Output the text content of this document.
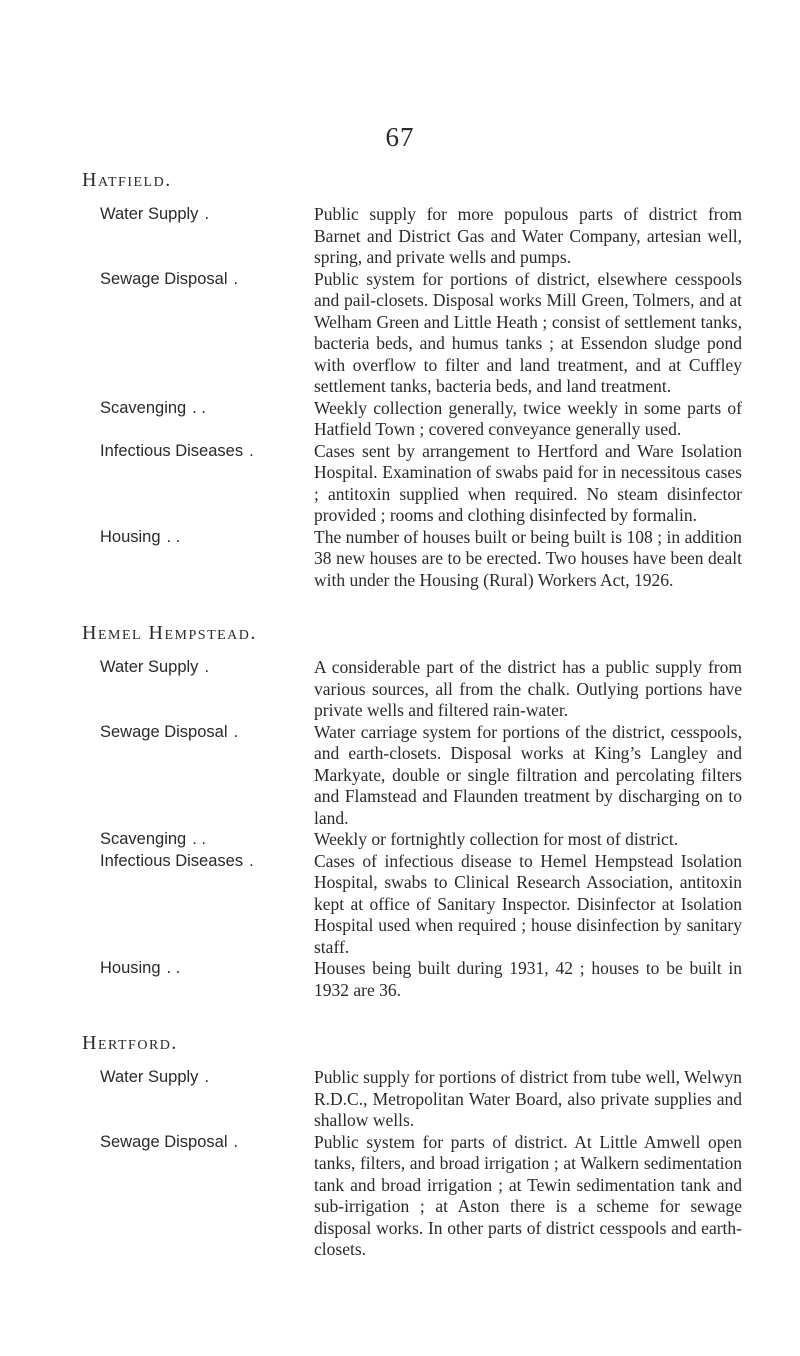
67
Hatfield.
Water Supply .	Public supply for more populous parts of district from Barnet and District Gas and Water Company, artesian well, spring, and private wells and pumps.
Sewage Disposal .	Public system for portions of district, elsewhere cesspools and pail-closets. Disposal works Mill Green, Tolmers, and at Welham Green and Little Heath ; consist of settlement tanks, bacteria beds, and humus tanks ; at Essendon sludge pond with overflow to filter and land treatment, and at Cuffley settlement tanks, bacteria beds, and land treatment.
Scavenging . .	Weekly collection generally, twice weekly in some parts of Hatfield Town ; covered conveyance generally used.
Infectious Diseases .	Cases sent by arrangement to Hertford and Ware Isolation Hospital. Examination of swabs paid for in necessitous cases ; antitoxin supplied when required. No steam disinfector provided ; rooms and clothing disinfected by formalin.
Housing . .	The number of houses built or being built is 108 ; in addition 38 new houses are to be erected. Two houses have been dealt with under the Housing (Rural) Workers Act, 1926.
Hemel Hempstead.
Water Supply .	A considerable part of the district has a public supply from various sources, all from the chalk. Outlying portions have private wells and filtered rain-water.
Sewage Disposal .	Water carriage system for portions of the district, cesspools, and earth-closets. Disposal works at King’s Langley and Markyate, double or single filtration and percolating filters and Flamstead and Flaunden treatment by discharging on to land.
Scavenging . .	Weekly or fortnightly collection for most of district.
Infectious Diseases .	Cases of infectious disease to Hemel Hempstead Isolation Hospital, swabs to Clinical Research Association, antitoxin kept at office of Sanitary Inspector. Disinfector at Isolation Hospital used when required ; house disinfection by sanitary staff.
Housing . .	Houses being built during 1931, 42 ; houses to be built in 1932 are 36.
Hertford.
Water Supply .	Public supply for portions of district from tube well, Welwyn R.D.C., Metropolitan Water Board, also private supplies and shallow wells.
Sewage Disposal .	Public system for parts of district. At Little Amwell open tanks, filters, and broad irrigation ; at Walkern sedimentation tank and broad irrigation ; at Tewin sedimentation tank and sub-irrigation ; at Aston there is a scheme for sewage disposal works. In other parts of district cesspools and earth-closets.
